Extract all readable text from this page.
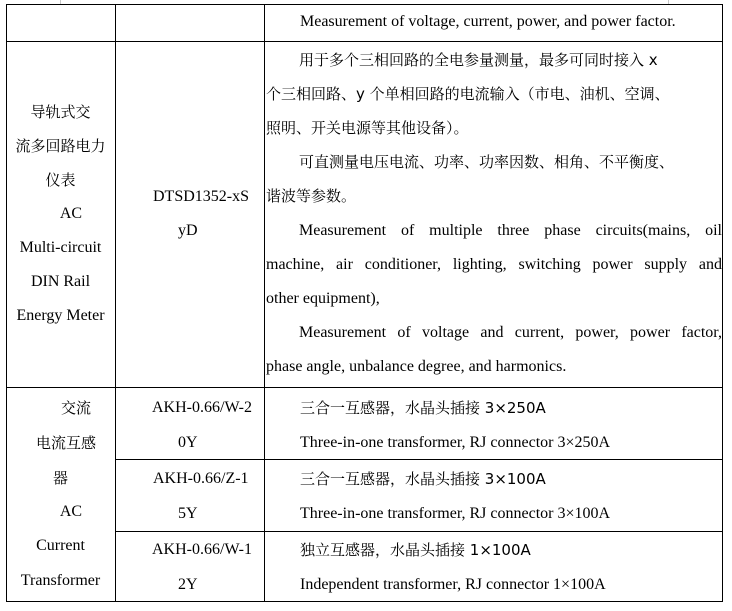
Measurement of voltage, current, power, and power factor.
导轨式交
流多回路电力
仪表
AC
Multi-circuit
DIN Rail
Energy Meter
DTSD1352-xS
yD
用于多个三相回路的全电参量测量，最多可同时接入 x
个三相回路、y 个单相回路的电流输入（市电、油机、空调、
照明、开关电源等其他设备）。
可直测量电压电流、功率、功率因数、相角、不平衡度、
谐波等参数。
Measurement of multiple three phase circuits(mains, oil
machine, air conditioner, lighting, switching power supply and
other equipment),
Measurement of voltage and current, power, power factor,
phase angle, unbalance degree, and harmonics.
交流
电流互感
器
AC
Current
Transformer
AKH-0.66/W-2
0Y
三合一互感器，水晶头插接 3×250A
Three-in-one transformer, RJ connector 3×250A
AKH-0.66/Z-1
5Y
三合一互感器，水晶头插接 3×100A
Three-in-one transformer, RJ connector 3×100A
AKH-0.66/W-1
2Y
独立互感器，水晶头插接 1×100A
Independent transformer, RJ connector 1×100A
